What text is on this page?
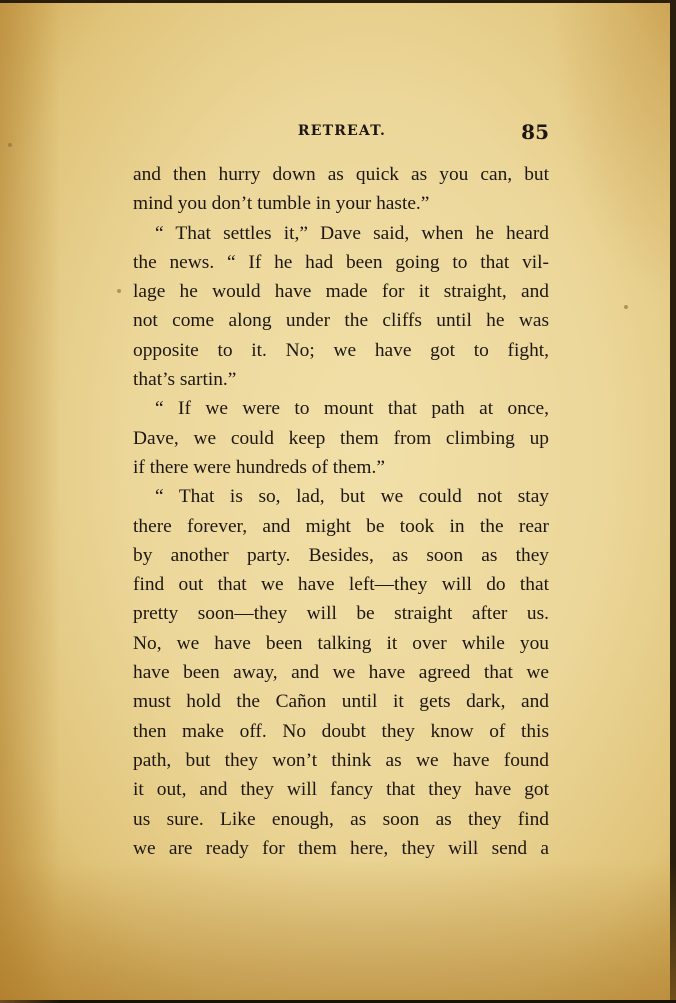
RETREAT.	85
and then hurry down as quick as you can, but
mind you don’t tumble in your haste.”
“ That settles it,” Dave said, when he heard
the news. “ If he had been going to that vil-
lage he would have made for it straight, and
not come along under the cliffs until he was
opposite to it. No; we have got to fight,
that’s sartin.”
“ If we were to mount that path at once,
Dave, we could keep them from climbing up
if there were hundreds of them.”
“ That is so, lad, but we could not stay
there forever, and might be took in the rear
by another party. Besides, as soon as they
find out that we have left—they will do that
pretty soon—they will be straight after us.
No, we have been talking it over while you
have been away, and we have agreed that we
must hold the Cañon until it gets dark, and
then make off. No doubt they know of this
path, but they won’t think as we have found
it out, and they will fancy that they have got
us sure. Like enough, as soon as they find
we are ready for them here, they will send a
